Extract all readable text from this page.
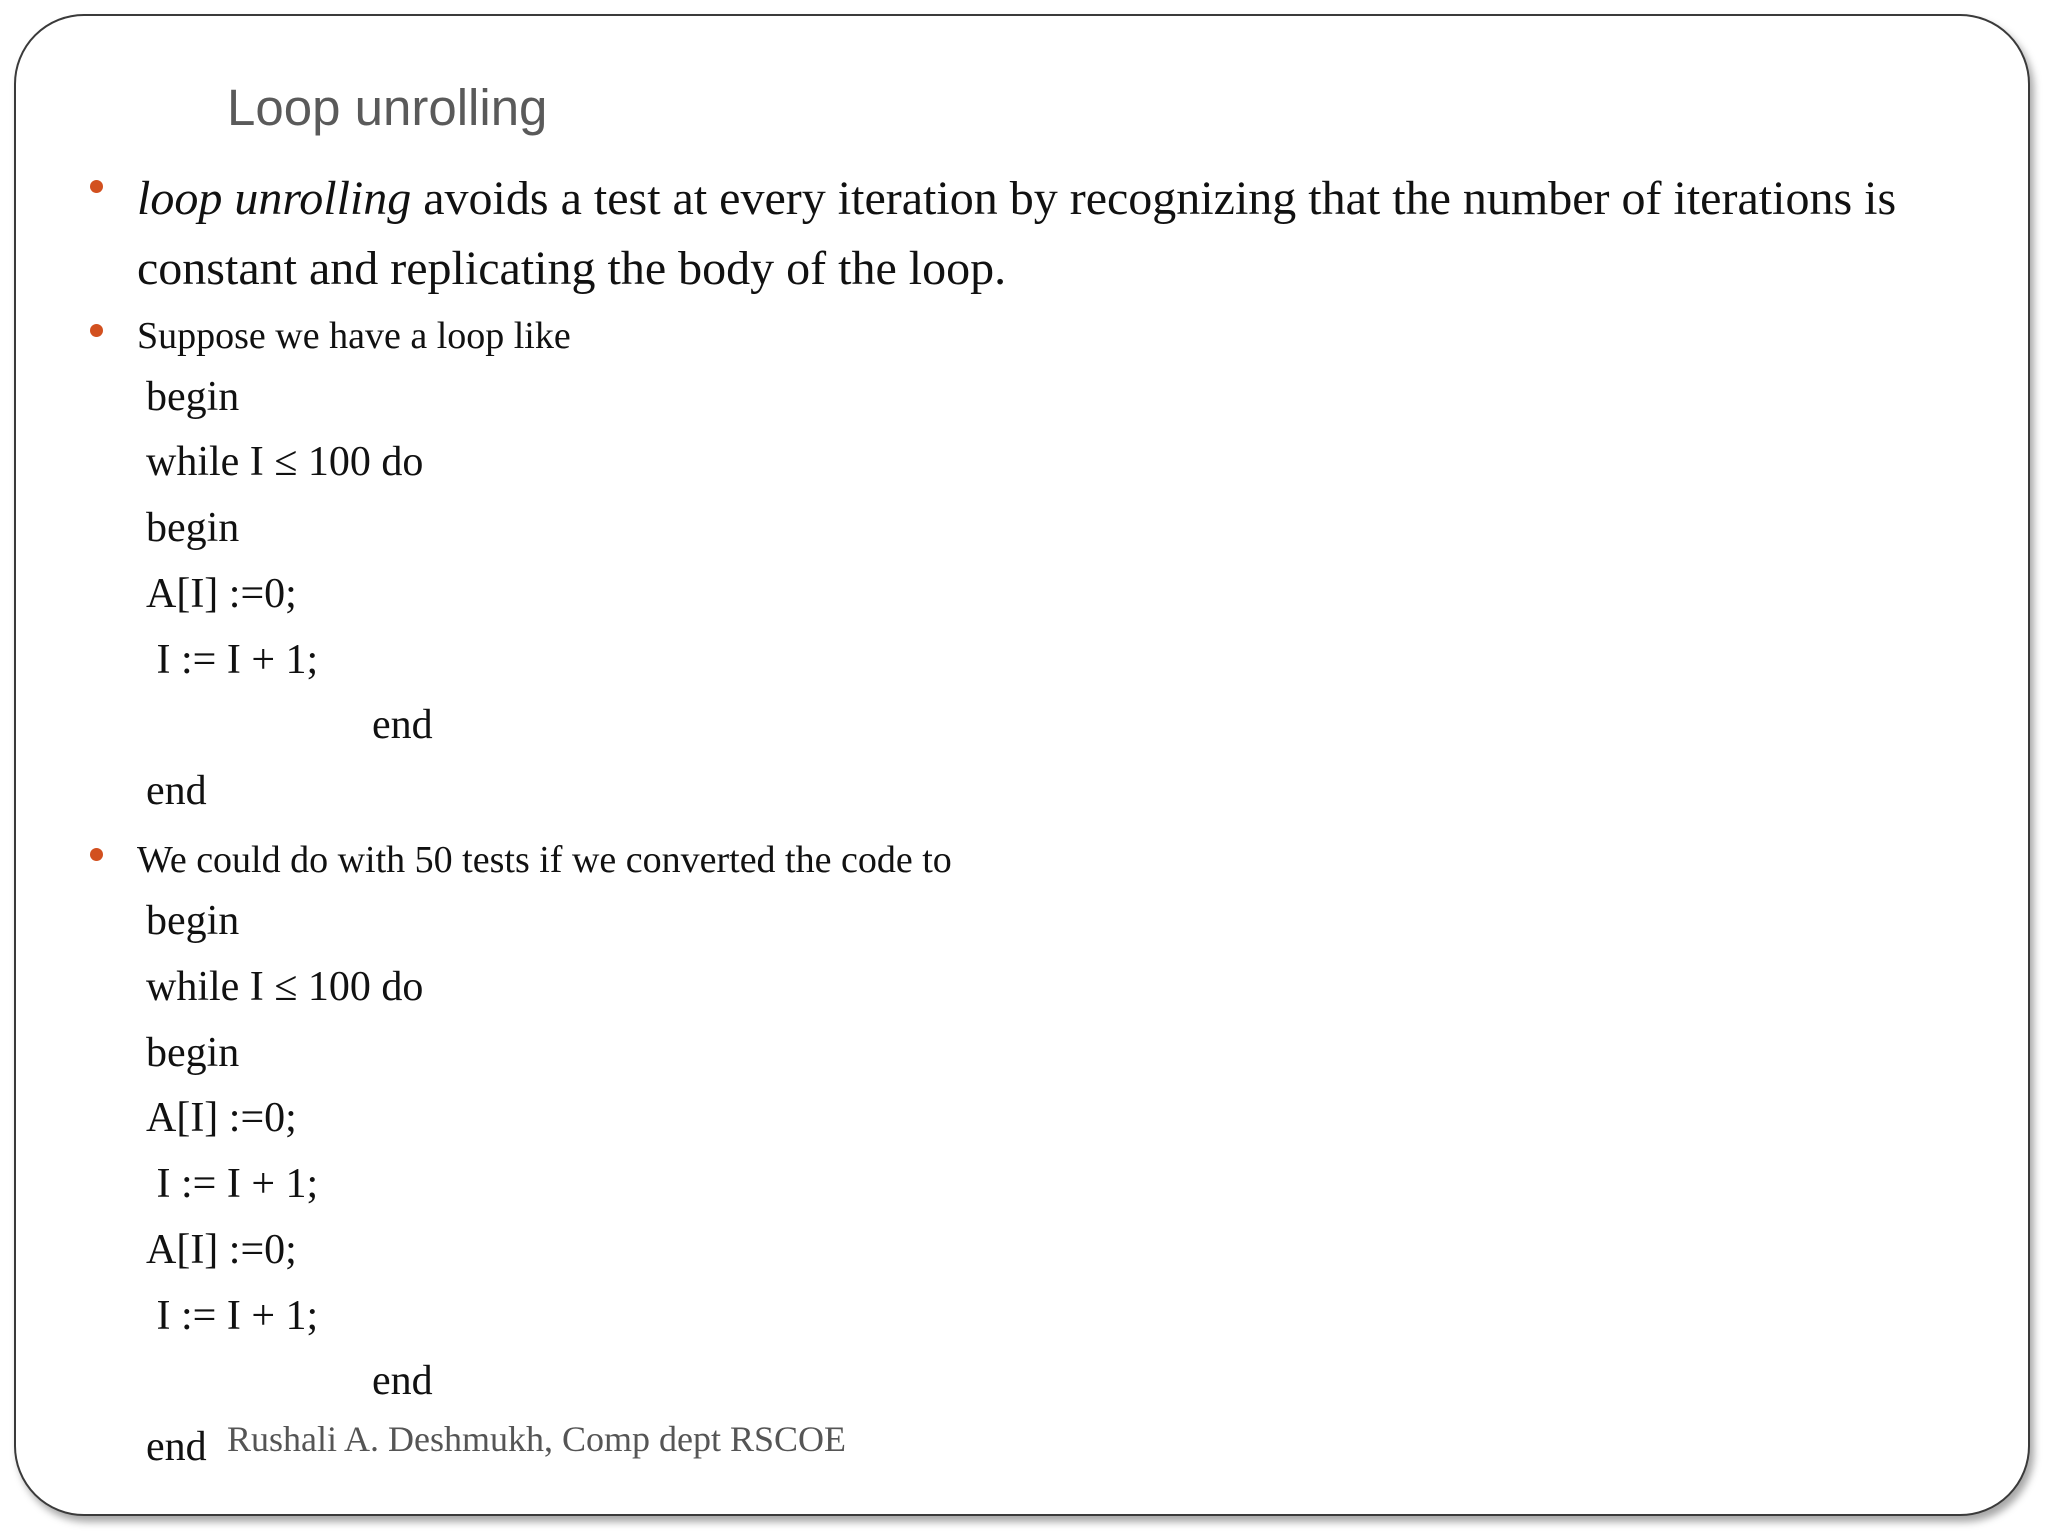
Loop unrolling
loop unrolling avoids a test at every iteration by recognizing that the number of iterations is constant and replicating the body of the loop.
Suppose we have a loop like
begin
while I ≤ 100 do
begin
A[I] :=0;
I := I + 1;
end
end
We could do with 50 tests if we converted the code to
begin
while I ≤ 100 do
begin
A[I] :=0;
I := I + 1;
A[I] :=0;
I := I + 1;
end
end Rushali A. Deshmukh, Comp dept RSCOE
